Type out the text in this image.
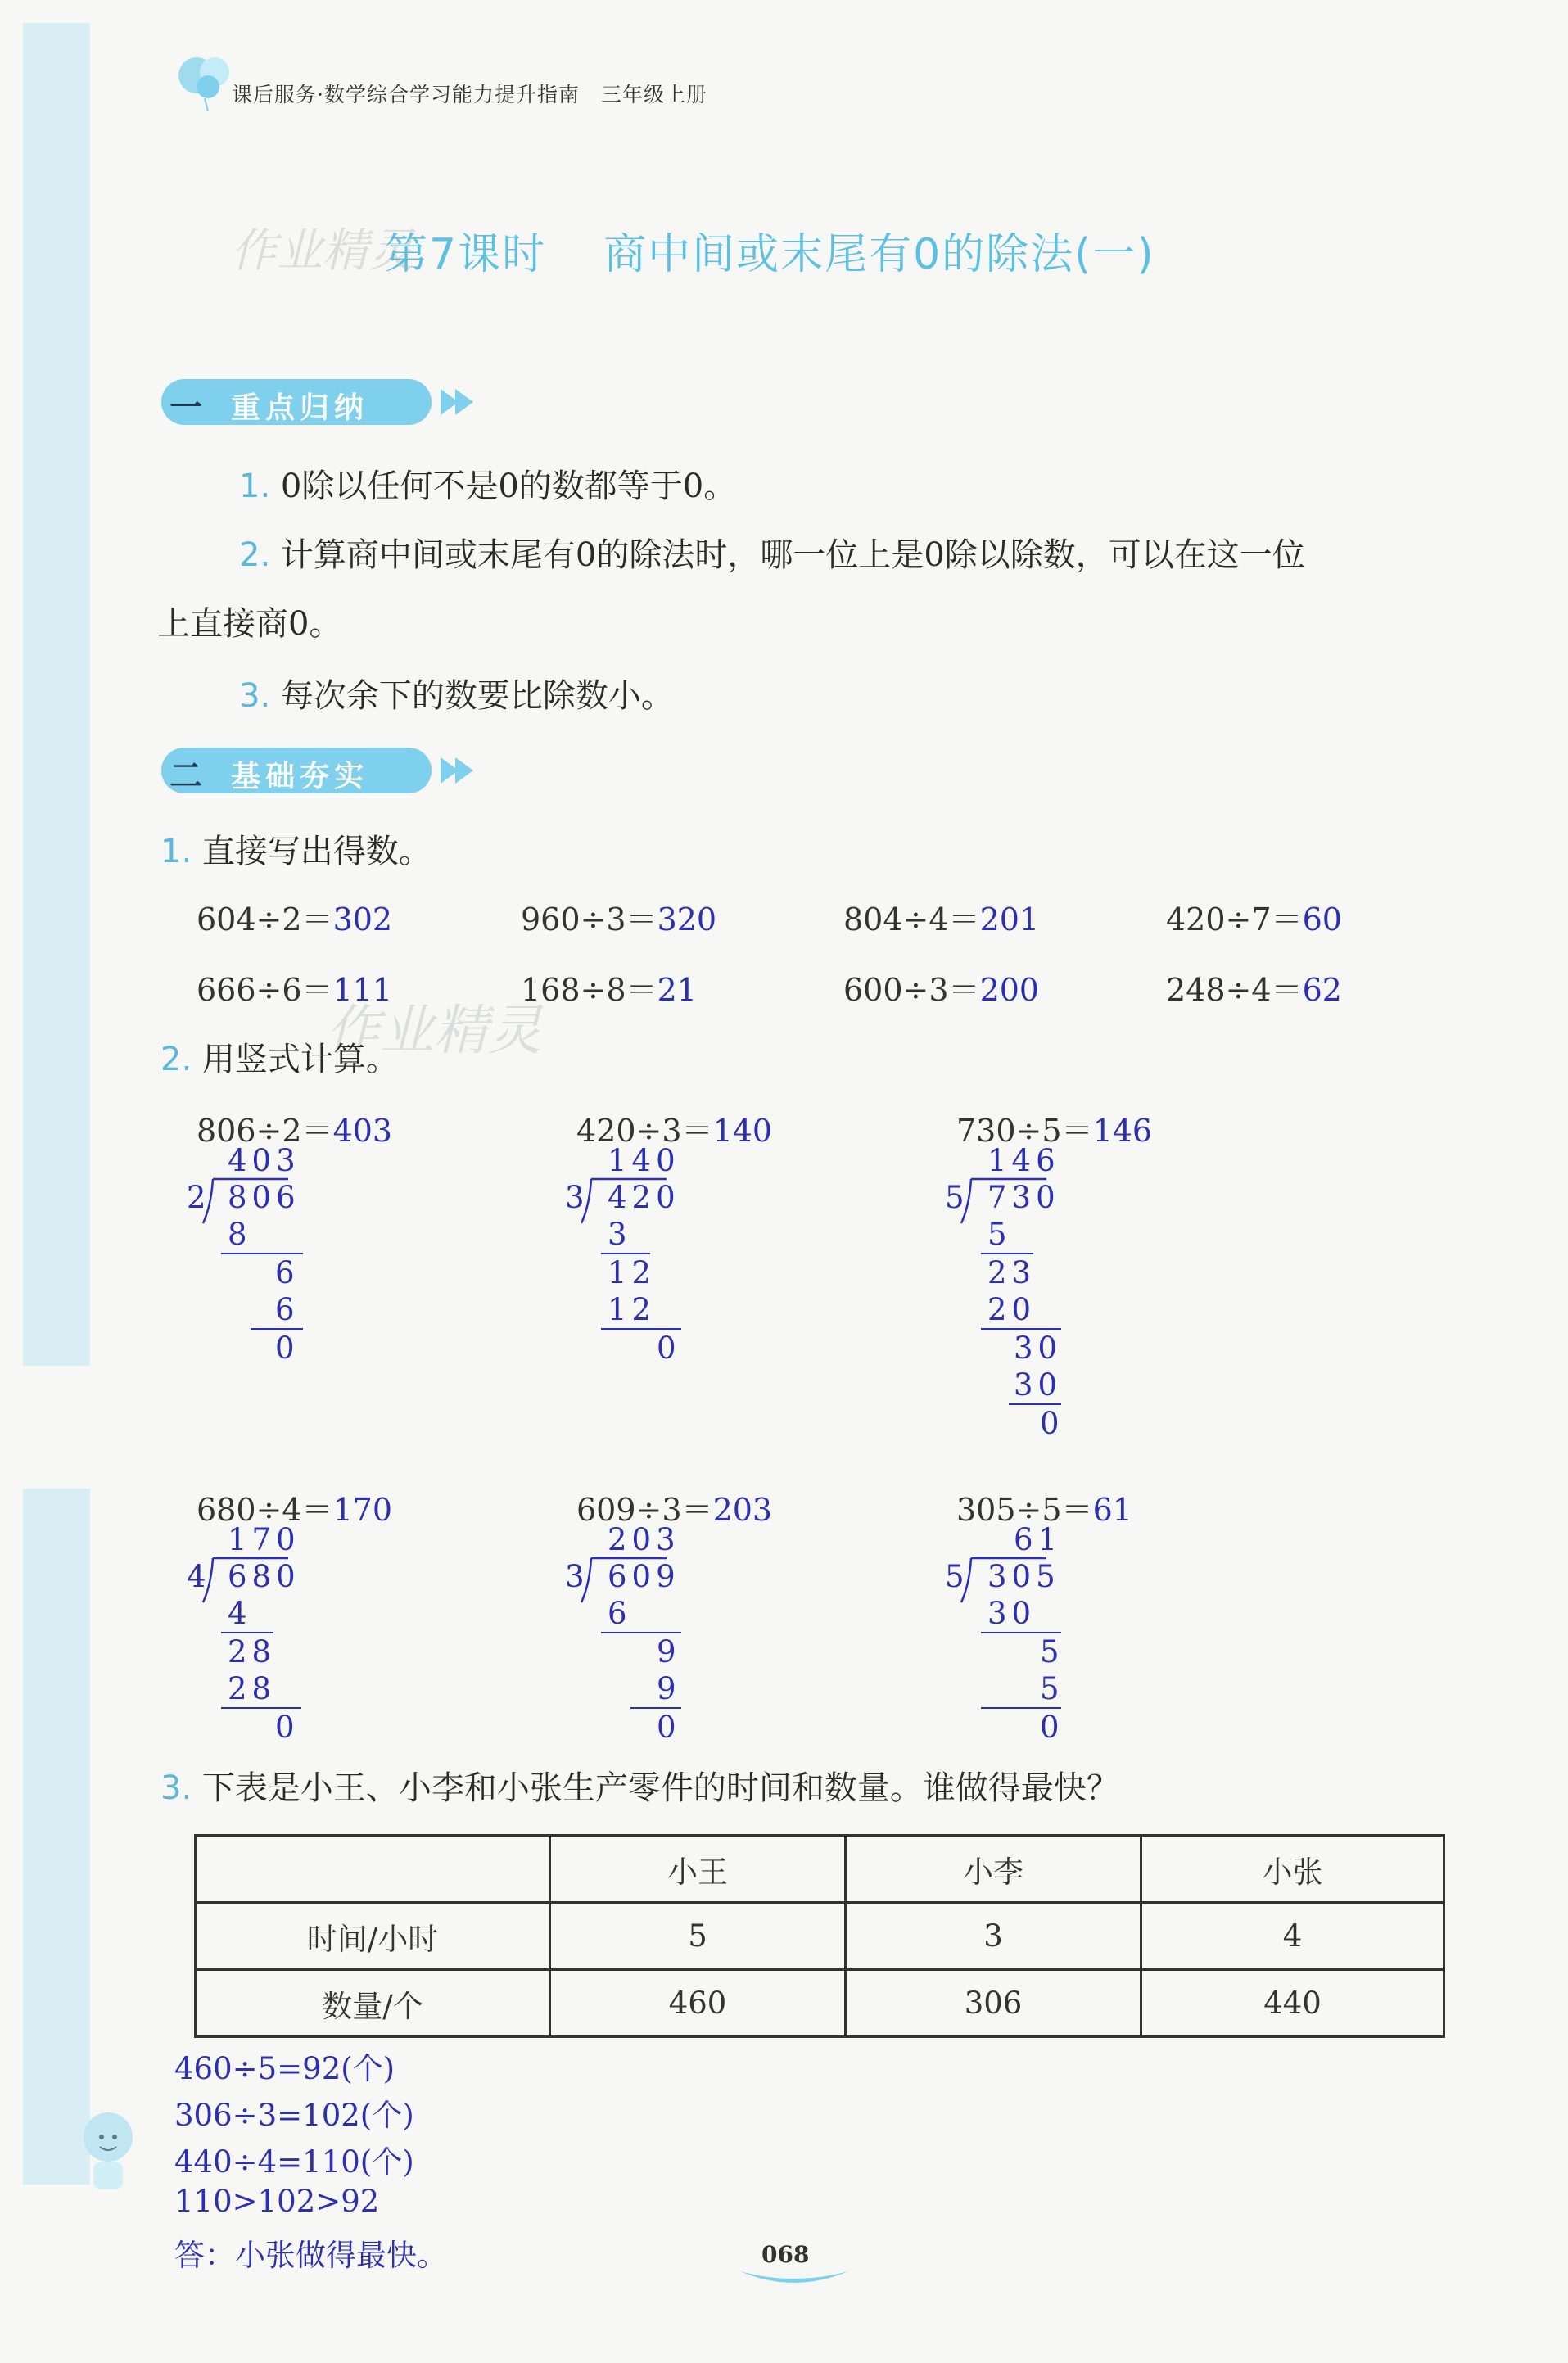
课后服务·数学综合学习能力提升指南　三年级上册
作业精灵
第7课时 商中间或末尾有0的除法(一)
一 重点归纳
1. 0除以任何不是0的数都等于0。
2. 计算商中间或末尾有0的除法时，哪一位上是0除以除数，可以在这一位
上直接商0。
3. 每次余下的数要比除数小。
二 基础夯实
1. 直接写出得数。
604÷2＝302	960÷3＝320	804÷4＝201	420÷7＝60
666÷6＝111	168÷8＝21	600÷3＝200	248÷4＝62
作业精灵
2. 用竖式计算。
806÷2＝403	420÷3＝140	730÷5＝146
403
2 806
8
6
6
0
140
3 420
3
12
12
0
146
5 730
5
23
20
30
30
0
680÷4＝170	609÷3＝203	305÷5＝61
170
4 680
4
28
28
0
203
3 609
6
9
9
0
61
5 305
30
5
5
0
3. 下表是小王、小李和小张生产零件的时间和数量。谁做得最快？
	小王	小李	小张
时间/小时	5	3	4
数量/个	460	306	440
460÷5=92(个)
306÷3=102(个)
440÷4=110(个)
110>102>92
答：小张做得最快。	068
